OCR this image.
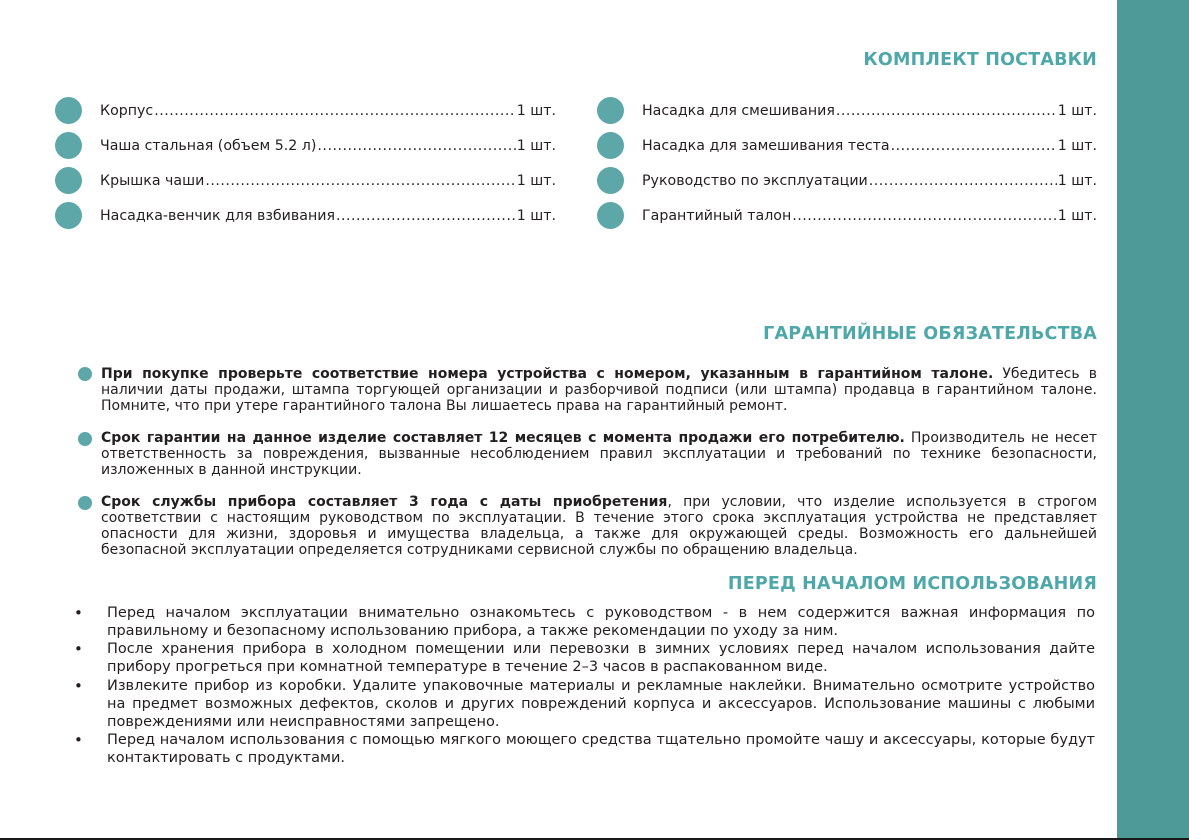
КОМПЛЕКТ ПОСТАВКИ
Корпус .....	1 шт.
Чаша стальная (объем 5.2 л) .....	1 шт.
Крышка чаши .....	1 шт.
Насадка-венчик для взбивания .....	1 шт.
Насадка для смешивания .....	1 шт.
Насадка для замешивания теста .....	1 шт.
Руководство по эксплуатации .....	1 шт.
Гарантийный талон .....	1 шт.
ГАРАНТИЙНЫЕ ОБЯЗАТЕЛЬСТВА
При покупке проверьте соответствие номера устройства с номером, указанным в гарантийном талоне. Убедитесь в наличии даты продажи, штампа торгующей организации и разборчивой подписи (или штампа) продавца в гарантийном талоне. Помните, что при утере гарантийного талона Вы лишаетесь права на гарантийный ремонт.
Срок гарантии на данное изделие составляет 12 месяцев с момента продажи его потребителю. Производитель не несет ответственность за повреждения, вызванные несоблюдением правил эксплуатации и требований по технике безопасности, изложенных в данной инструкции.
Срок службы прибора составляет 3 года с даты приобретения, при условии, что изделие используется в строгом соответствии с настоящим руководством по эксплуатации. В течение этого срока эксплуатация устройства не представляет опасности для жизни, здоровья и имущества владельца, а также для окружающей среды. Возможность его дальнейшей безопасной эксплуатации определяется сотрудниками сервисной службы по обращению владельца.
ПЕРЕД НАЧАЛОМ ИСПОЛЬЗОВАНИЯ
• Перед началом эксплуатации внимательно ознакомьтесь с руководством - в нем содержится важная информация по правильному и безопасному использованию прибора, а также рекомендации по уходу за ним.
• После хранения прибора в холодном помещении или перевозки в зимних условиях перед началом использования дайте прибору прогреться при комнатной температуре в течение 2–3 часов в распакованном виде.
• Извлеките прибор из коробки. Удалите упаковочные материалы и рекламные наклейки. Внимательно осмотрите устройство на предмет возможных дефектов, сколов и других повреждений корпуса и аксессуаров. Использование машины с любыми повреждениями или неисправностями запрещено.
• Перед началом использования с помощью мягкого моющего средства тщательно промойте чашу и аксессуары, которые будут контактировать с продуктами.
